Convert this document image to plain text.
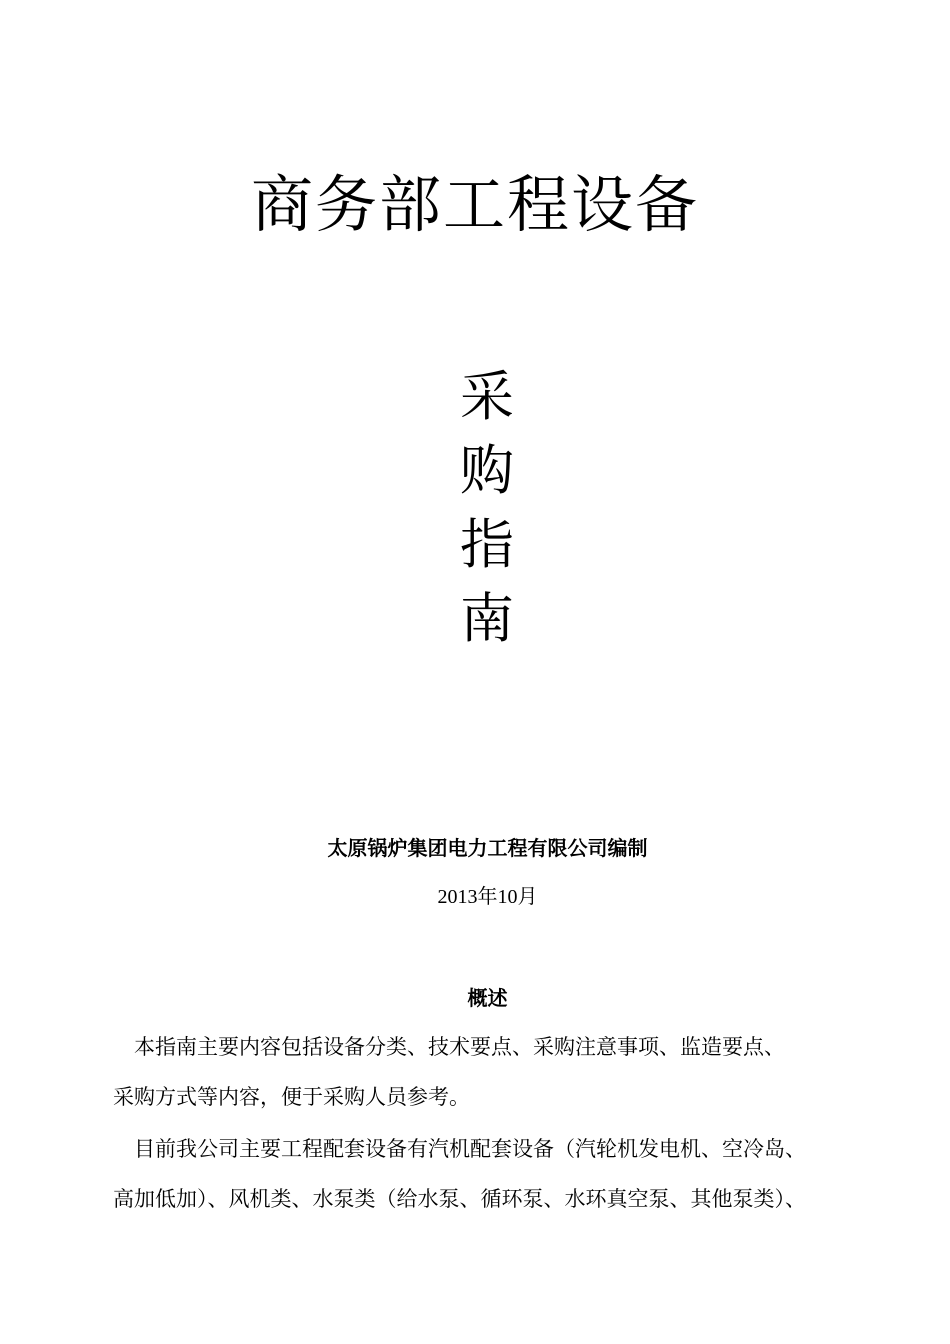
商务部工程设备
采
购
指
南
太原锅炉集团电力工程有限公司编制
2013年10月
概述
　本指南主要内容包括设备分类、技术要点、采购注意事项、监造要点、
采购方式等内容，便于采购人员参考。
　目前我公司主要工程配套设备有汽机配套设备（汽轮机发电机、空冷岛、
高加低加）、风机类、水泵类（给水泵、循环泵、水环真空泵、其他泵类）、
